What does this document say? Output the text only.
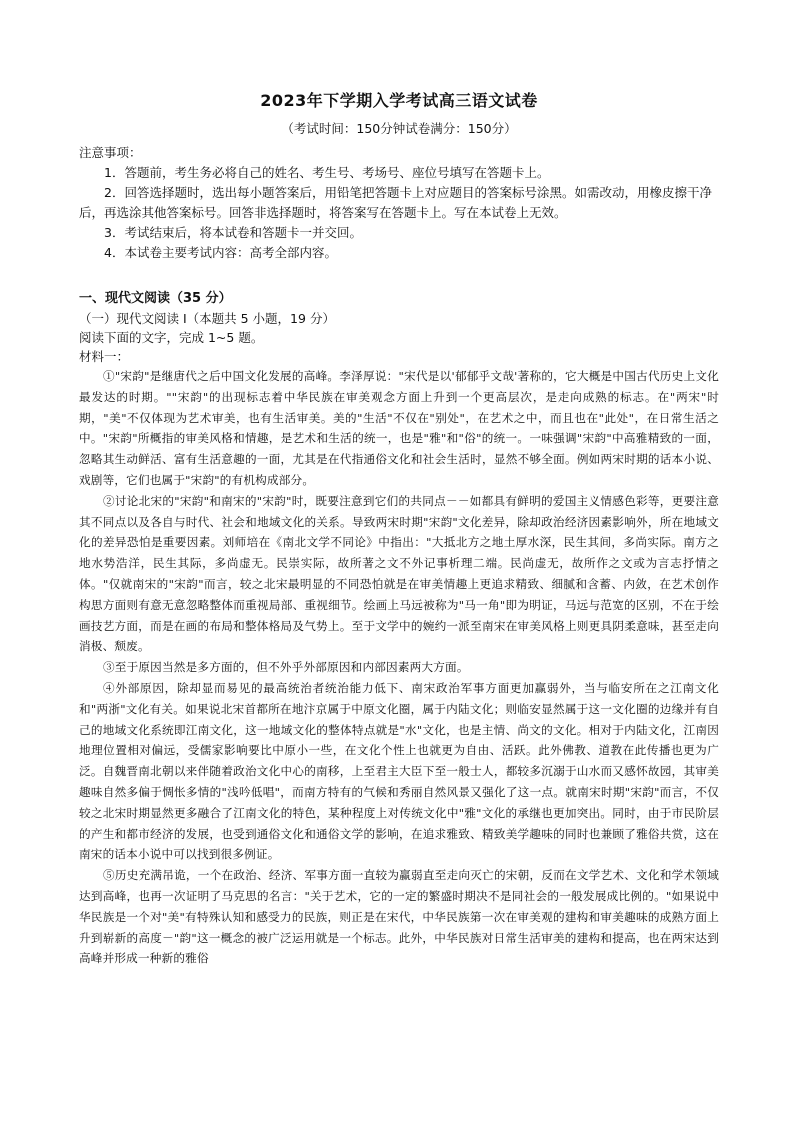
2023年下学期入学考试高三语文试卷
（考试时间：150分钟试卷满分：150分）
注意事项：

1．答题前，考生务必将自己的姓名、考生号、考场号、座位号填写在答题卡上。

2．回答选择题时，选出每小题答案后，用铅笔把答题卡上对应题目的答案标号涂黑。如需改动，用橡皮擦干净后，再选涂其他答案标号。回答非选择题时，将答案写在答题卡上。写在本试卷上无效。

3．考试结束后，将本试卷和答题卡一并交回。

4．本试卷主要考试内容：高考全部内容。

一、现代文阅读（35 分）
（一）现代文阅读 Ⅰ（本题共 5 小题，19 分）
阅读下面的文字，完成 1~5 题。
材料一：

①"宋韵"是继唐代之后中国文化发展的高峰。李泽厚说："宋代是以'郁郁乎文哉'著称的，它大概是中国古代历史上文化最发达的时期。""宋韵"的出现标志着中华民族在审美观念方面上升到一个更高层次，是走向成熟的标志。在"两宋"时期，"美"不仅体现为艺术审美，也有生活审美。美的"生活"不仅在"别处"，在艺术之中，而且也在"此处"，在日常生活之中。"宋韵"所概指的审美风格和情趣，是艺术和生活的统一，也是"雅"和"俗"的统一。一味强调"宋韵"中高雅精致的一面，忽略其生动鲜活、富有生活意趣的一面，尤其是在代指通俗文化和社会生活时，显然不够全面。例如两宋时期的话本小说、戏剧等，它们也属于"宋韵"的有机构成部分。

②讨论北宋的"宋韵"和南宋的"宋韵"时，既要注意到它们的共同点－－如都具有鲜明的爱国主义情感色彩等，更要注意其不同点以及各自与时代、社会和地域文化的关系。导致两宋时期"宋韵"文化差异，除却政治经济因素影响外，所在地域文化的差异恐怕是重要因素。刘师培在《南北文学不同论》中指出："大抵北方之地土厚水深，民生其间，多尚实际。南方之地水势浩洋，民生其际，多尚虚无。民崇实际，故所著之文不外记事析理二端。民尚虚无，故所作之文或为言志抒情之体。"仅就南宋的"宋韵"而言，较之北宋最明显的不同恐怕就是在审美情趣上更追求精致、细腻和含蓄、内敛，在艺术创作构思方面则有意无意忽略整体而重视局部、重视细节。绘画上马远被称为"马一角"即为明证，马远与范宽的区别，不在于绘画技艺方面，而是在画的布局和整体格局及气势上。至于文学中的婉约一派至南宋在审美风格上则更具阴柔意味，甚至走向消极、颓废。

③至于原因当然是多方面的，但不外乎外部原因和内部因素两大方面。

④外部原因，除却显而易见的最高统治者统治能力低下、南宋政治军事方面更加赢弱外，当与临安所在之江南文化和"两浙"文化有关。如果说北宋首都所在地汴京属于中原文化圈，属于内陆文化；则临安显然属于这一文化圈的边缘并有自己的地域文化系统即江南文化，这一地域文化的整体特点就是"水"文化，也是主情、尚文的文化。相对于内陆文化，江南因地理位置相对偏远，受儒家影响要比中原小一些，在文化个性上也就更为自由、活跃。此外佛教、道教在此传播也更为广泛。自魏晋南北朝以来伴随着政治文化中心的南移，上至君主大臣下至一般士人，都较多沉溺于山水而又感怀故园，其审美趣味自然多偏于惆怅多情的"浅吟低唱"，而南方特有的气候和秀丽自然风景又强化了这一点。就南宋时期"宋韵"而言，不仅较之北宋时期显然更多融合了江南文化的特色，某种程度上对传统文化中"雅"文化的承继也更加突出。同时，由于市民阶层的产生和都市经济的发展，也受到通俗文化和通俗文学的影响，在追求雅致、精致美学趣味的同时也兼顾了雅俗共赏，这在南宋的话本小说中可以找到很多例证。

⑤历史充满吊诡，一个在政治、经济、军事方面一直较为赢弱直至走向灭亡的宋朝，反而在文学艺术、文化和学术领域达到高峰，也再一次证明了马克思的名言："关于艺术，它的一定的繁盛时期决不是同社会的一般发展成比例的。"如果说中华民族是一个对"美"有特殊认知和感受力的民族，则正是在宋代，中华民族第一次在审美观的建构和审美趣味的成熟方面上升到崭新的高度－"韵"这一概念的被广泛运用就是一个标志。此外，中华民族对日常生活审美的建构和提高，也在两宋达到高峰并形成一种新的雅俗
